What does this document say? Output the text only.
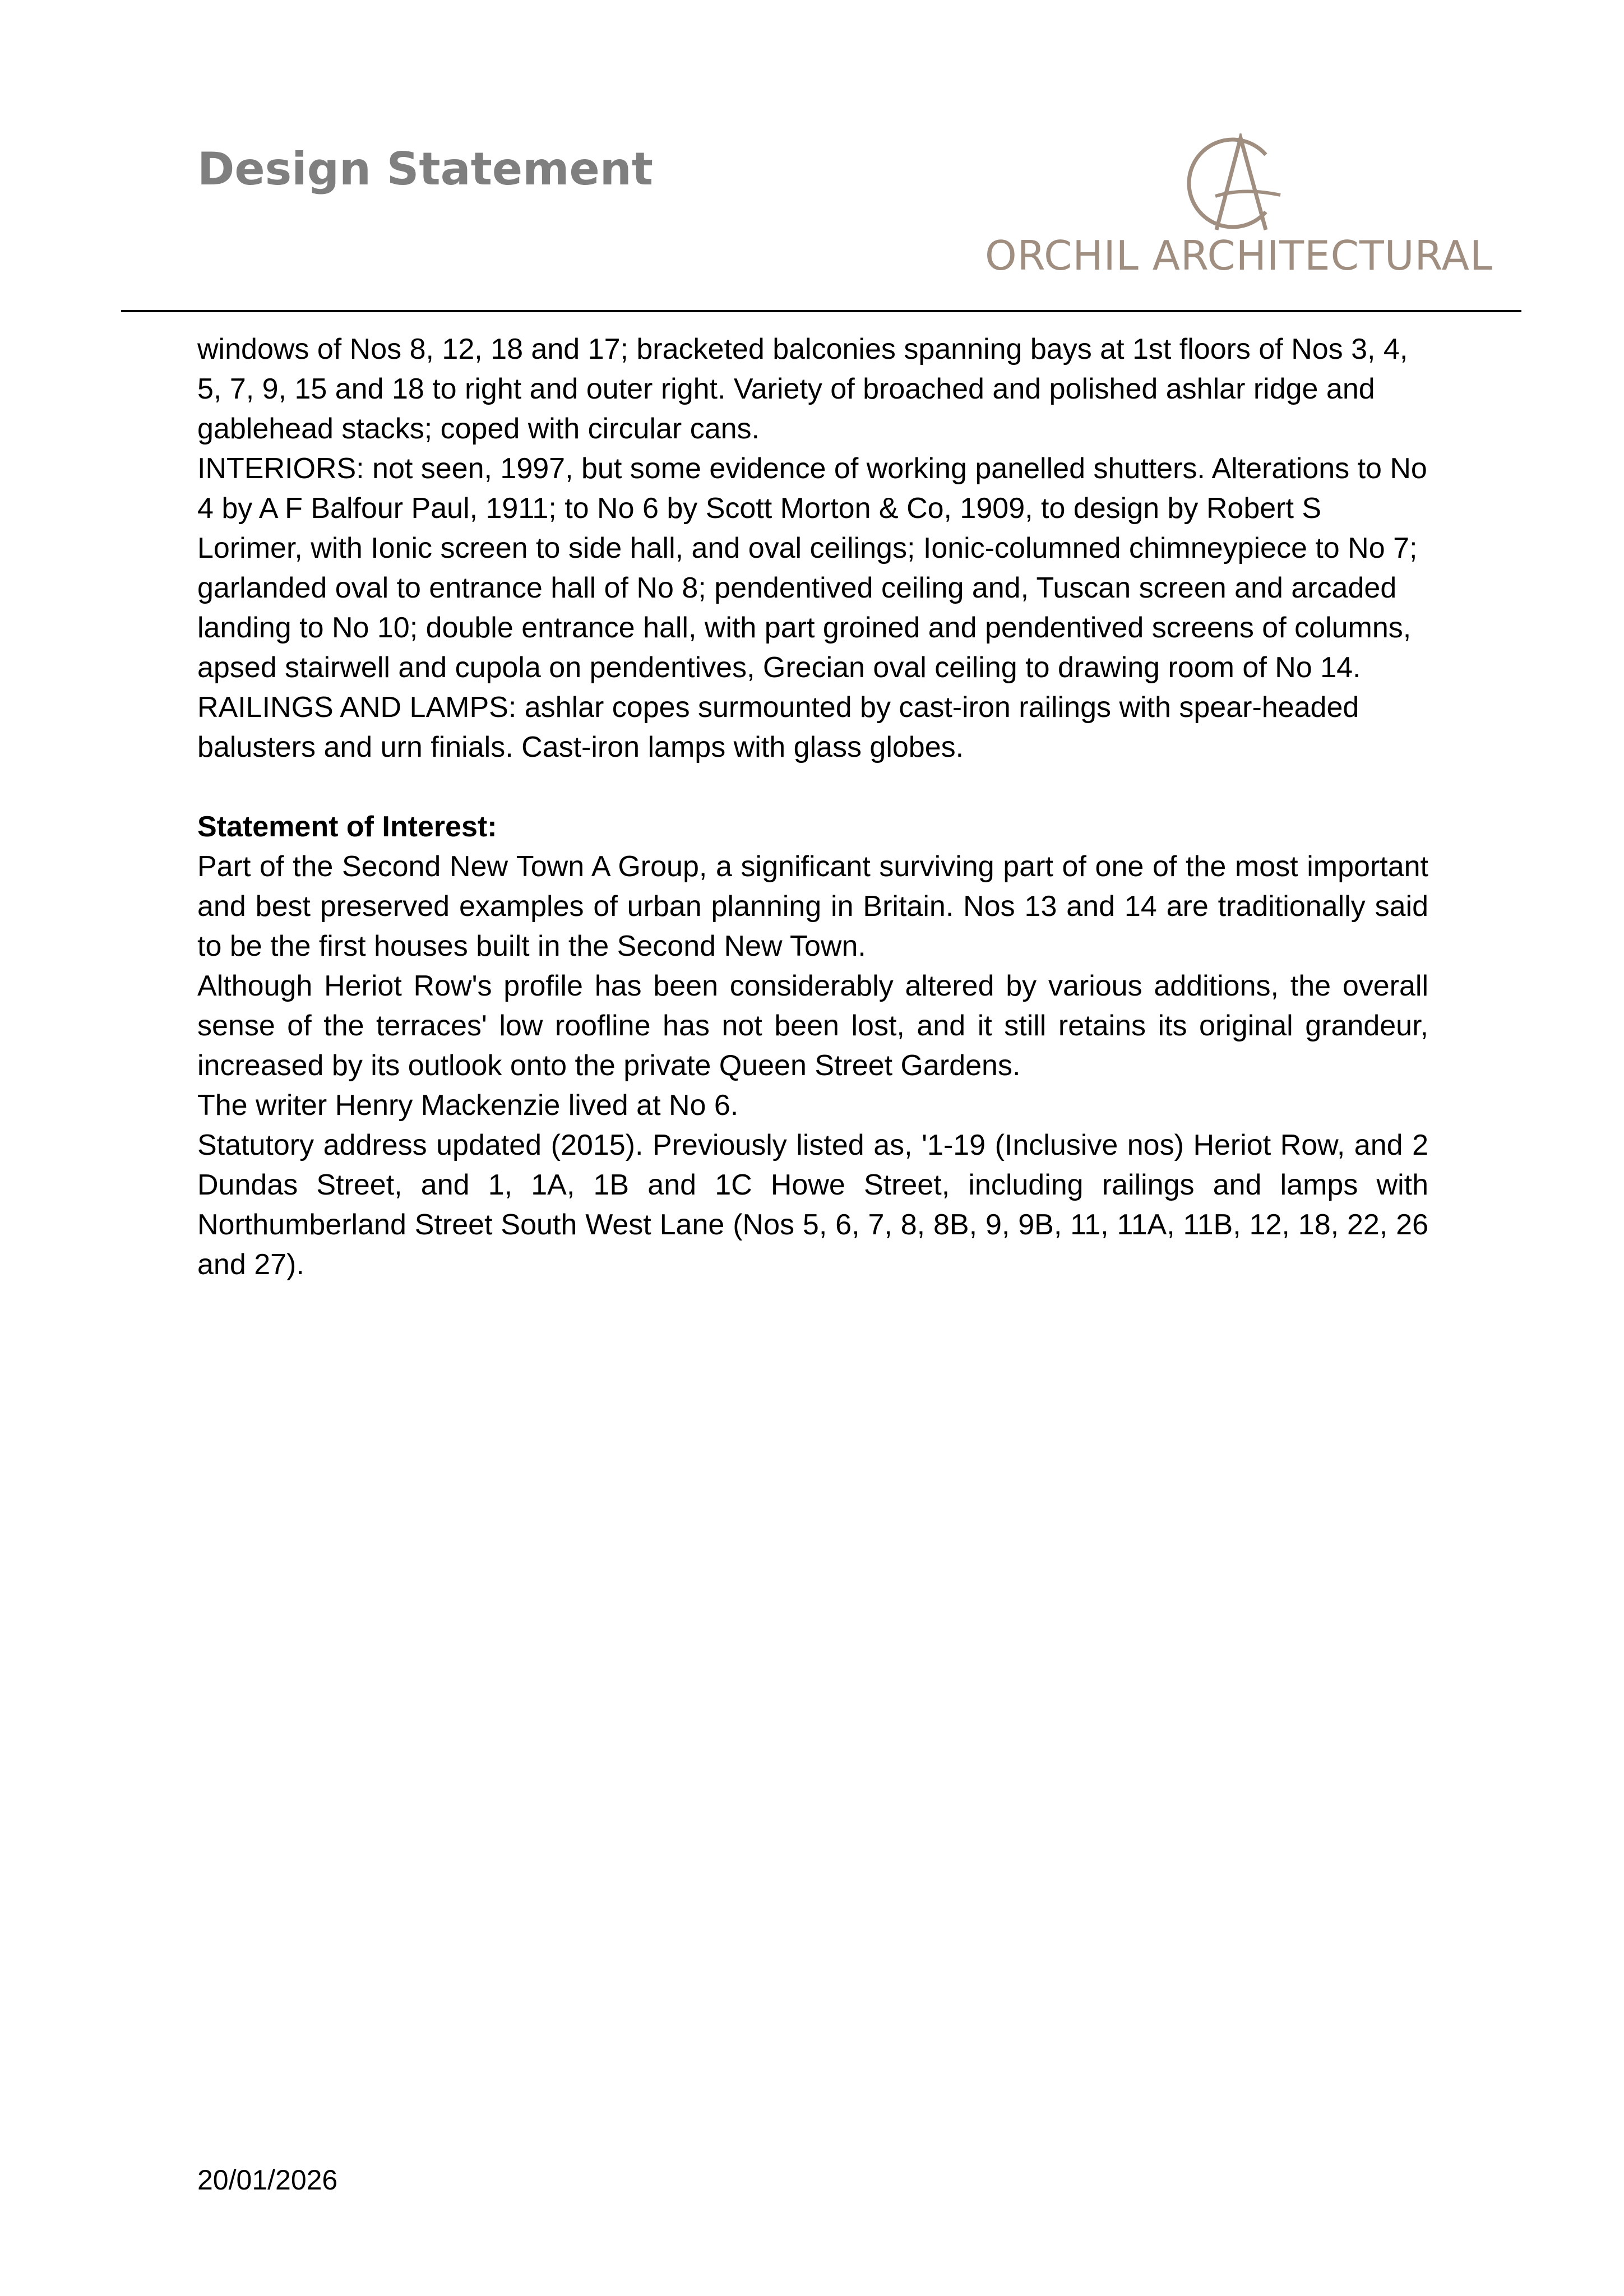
Design Statement
ORCHIL ARCHITECTURAL

windows of Nos 8, 12, 18 and 17; bracketed balconies spanning bays at 1st floors of Nos 3, 4, 5, 7, 9, 15 and 18 to right and outer right. Variety of broached and polished ashlar ridge and gablehead stacks; coped with circular cans.

INTERIORS: not seen, 1997, but some evidence of working panelled shutters. Alterations to No 4 by A F Balfour Paul, 1911; to No 6 by Scott Morton & Co, 1909, to design by Robert S Lorimer, with Ionic screen to side hall, and oval ceilings; Ionic-columned chimneypiece to No 7; garlanded oval to entrance hall of No 8; pendentived ceiling and, Tuscan screen and arcaded landing to No 10; double entrance hall, with part groined and pendentived screens of columns, apsed stairwell and cupola on pendentives, Grecian oval ceiling to drawing room of No 14.

RAILINGS AND LAMPS: ashlar copes surmounted by cast-iron railings with spear-headed balusters and urn finials. Cast-iron lamps with glass globes.

Statement of Interest:

Part of the Second New Town A Group, a significant surviving part of one of the most important and best preserved examples of urban planning in Britain. Nos 13 and 14 are traditionally said to be the first houses built in the Second New Town.

Although Heriot Row's profile has been considerably altered by various additions, the overall sense of the terraces' low roofline has not been lost, and it still retains its original grandeur, increased by its outlook onto the private Queen Street Gardens.

The writer Henry Mackenzie lived at No 6.

Statutory address updated (2015). Previously listed as, '1-19 (Inclusive nos) Heriot Row, and 2 Dundas Street, and 1, 1A, 1B and 1C Howe Street, including railings and lamps with Northumberland Street South West Lane (Nos 5, 6, 7, 8, 8B, 9, 9B, 11, 11A, 11B, 12, 18, 22, 26 and 27).

20/01/2026
